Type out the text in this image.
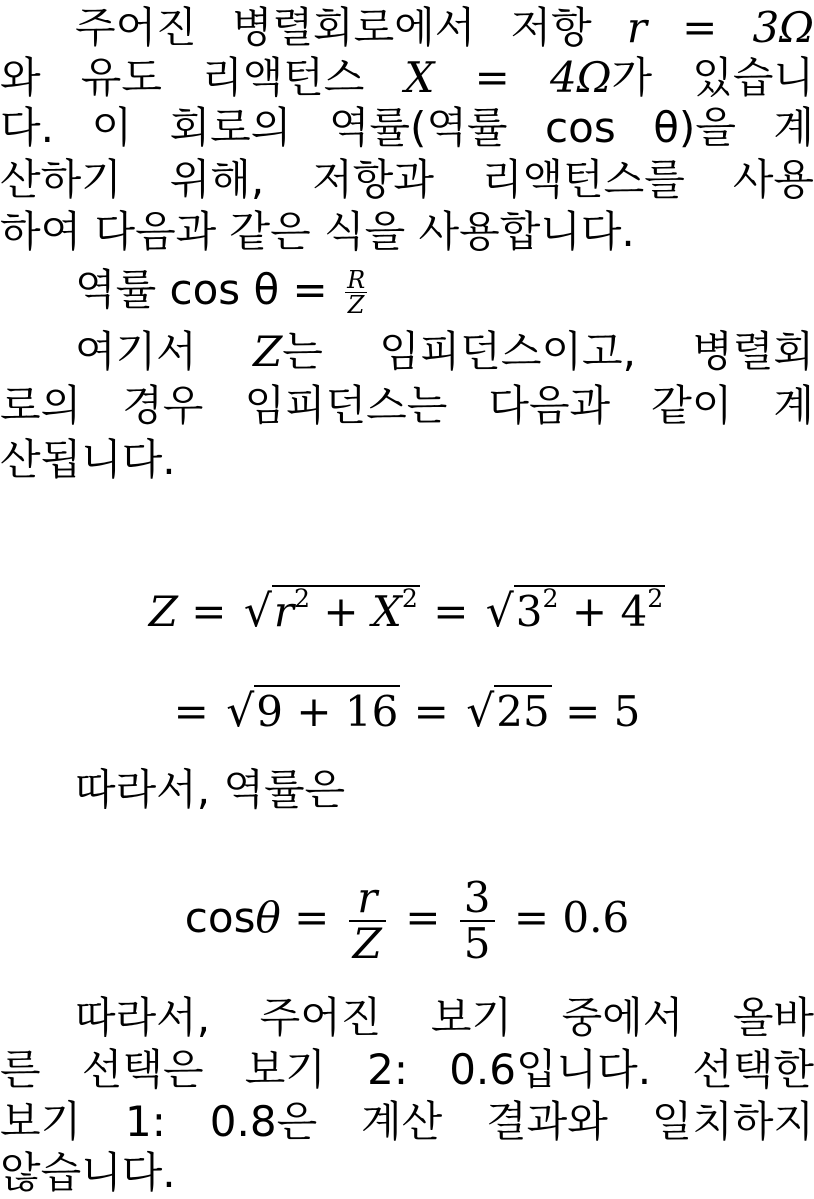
주어진 병렬회로에서 저항 r = 3Ω
와 유도 리액턴스 X = 4Ω가 있습니
다. 이 회로의 역률(역률 cos θ)을 계
산하기 위해, 저항과 리액턴스를 사용
하여 다음과 같은 식을 사용합니다.
역률 $\cos \theta = \frac{R}{Z}$
여기서 Z는 임피던스이고, 병렬회
로의 경우 임피던스는 다음과 같이 계
산됩니다.
$Z = √r^2 + X^2 = √3^2 + 4^2$
= √9 + 16 = √25 = 5
따라서, 역률은
$\cos\theta = \frac{r}{Z} = \frac{3}{5} = 0.6$
따라서, 주어진 보기 중에서 올바
른 선택은 보기 2: 0.6입니다. 선택한
보기 1: 0.8은 계산 결과와 일치하지
않습니다.
